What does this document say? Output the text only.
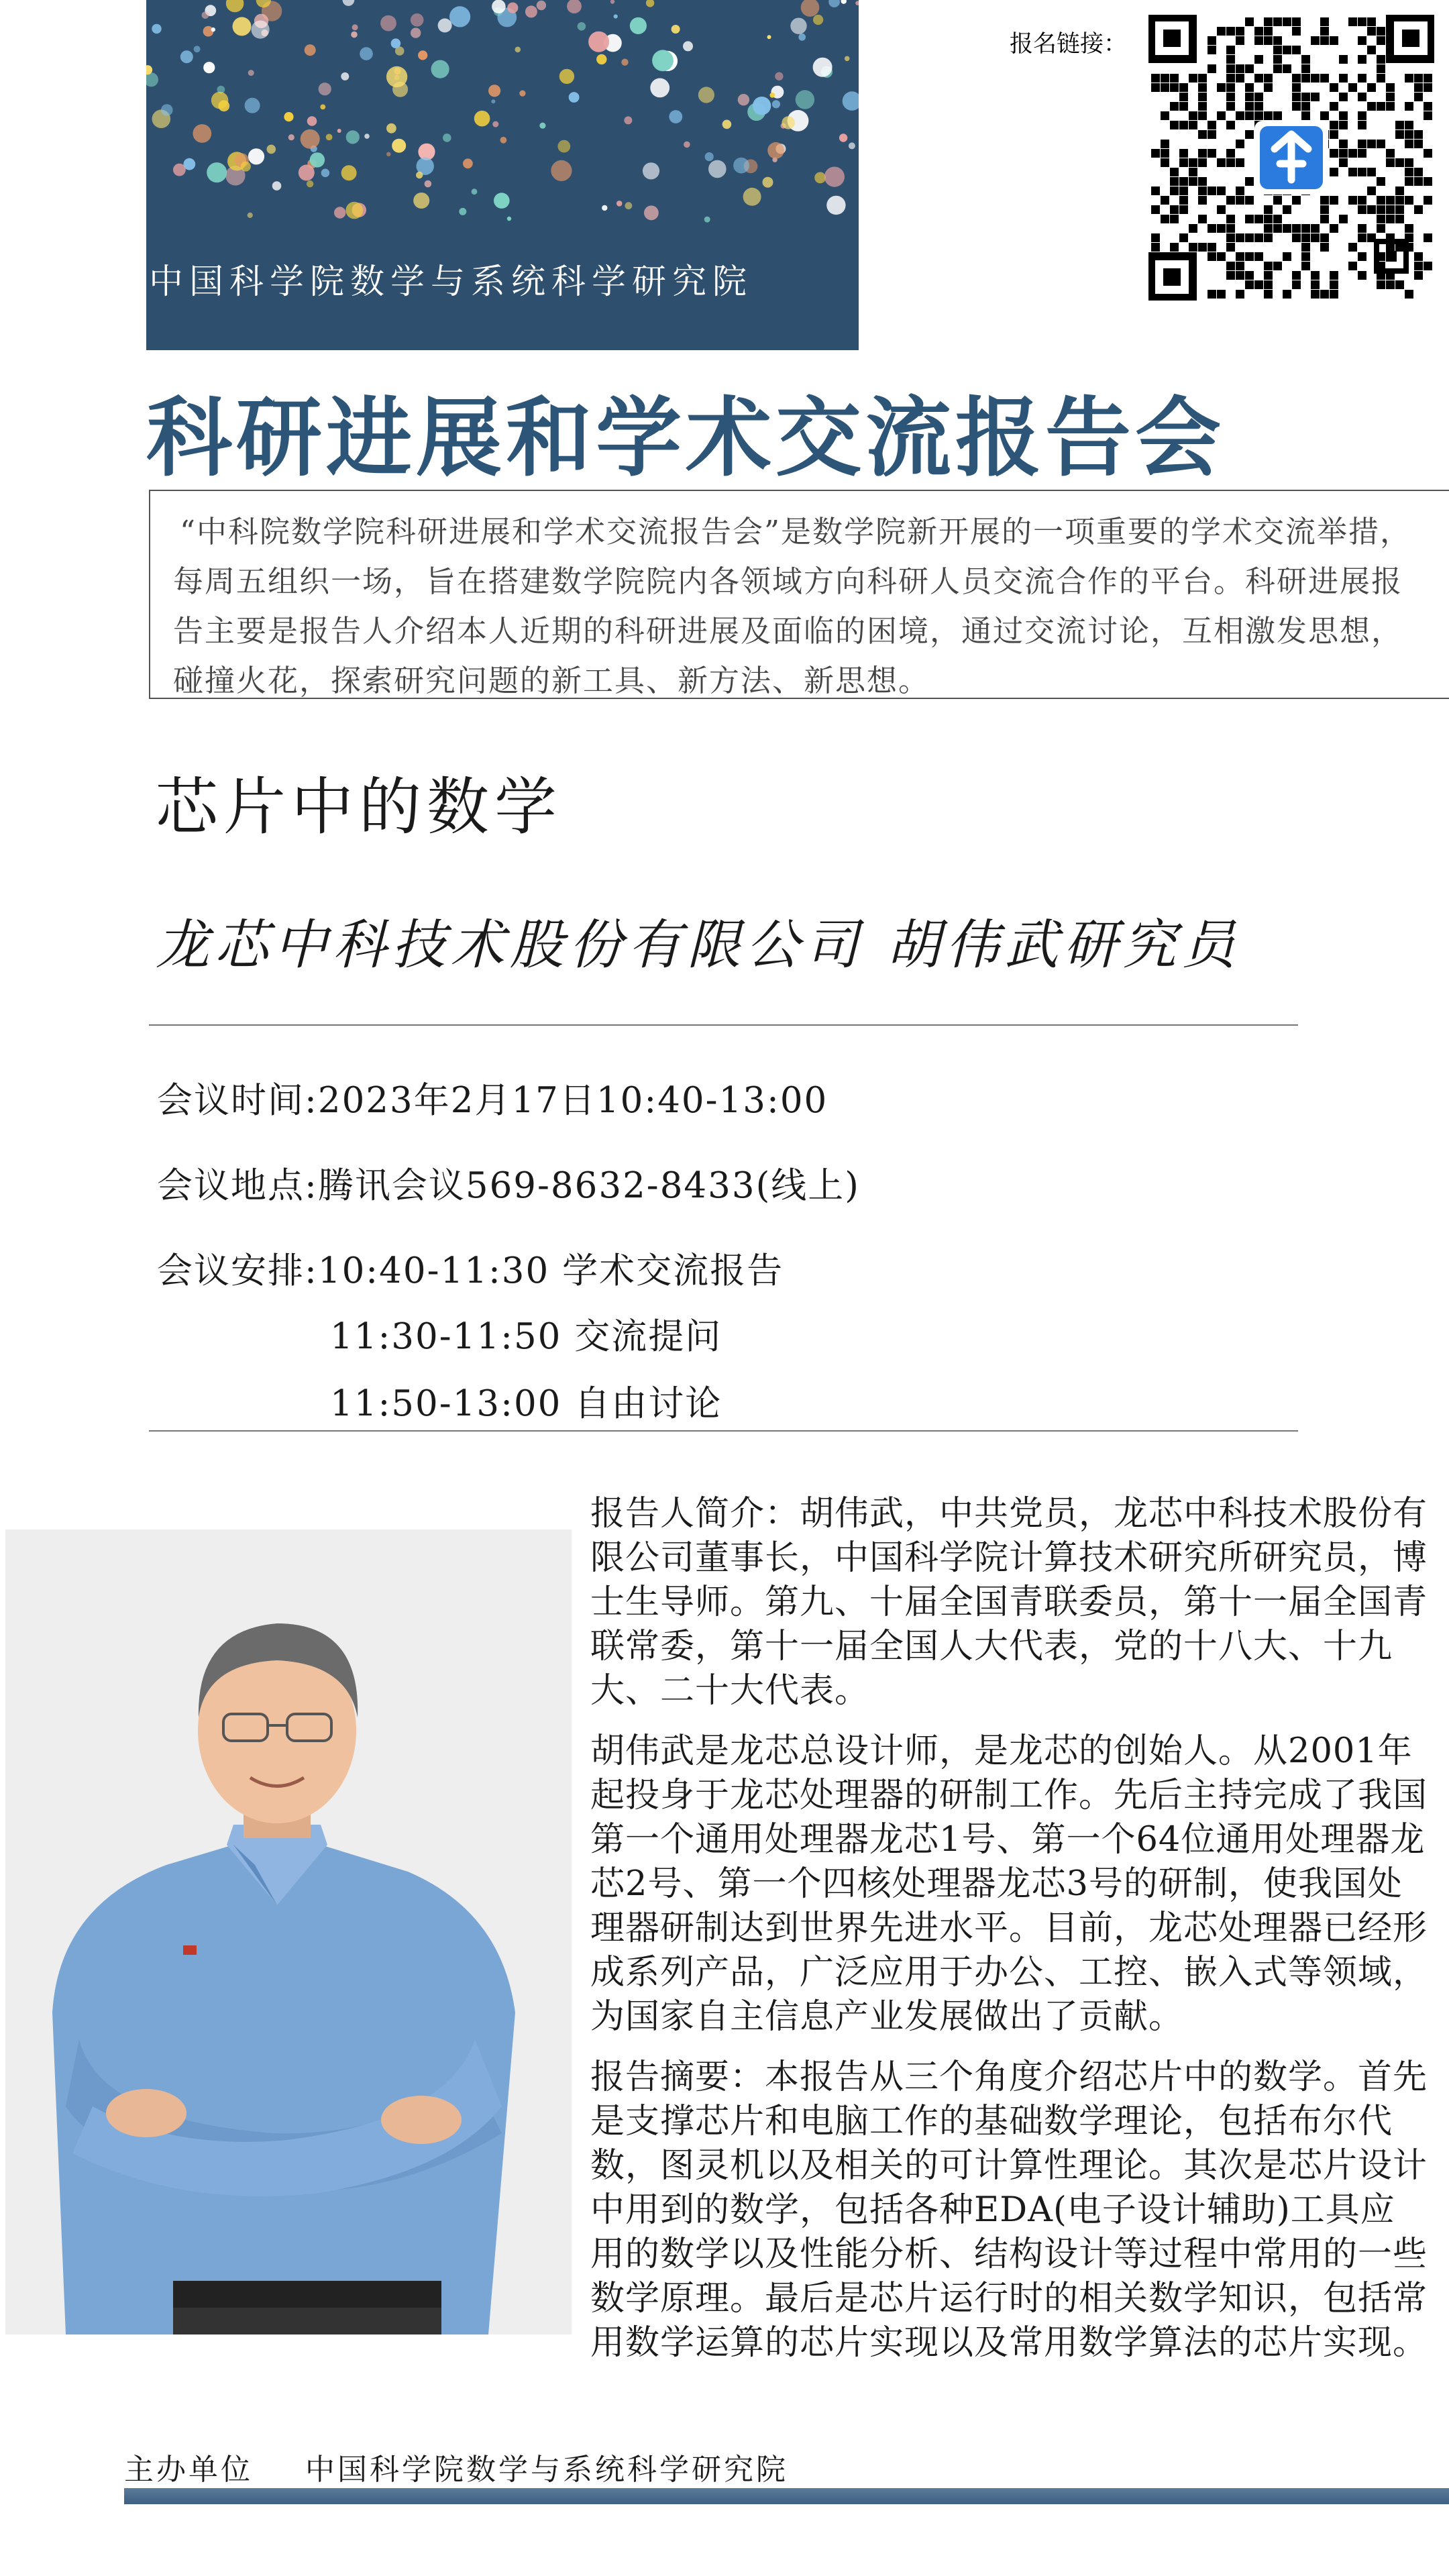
中国科学院数学与系统科学研究院
报名链接：
科研进展和学术交流报告会
“中科院数学院科研进展和学术交流报告会”是数学院新开展的一项重要的学术交流举措，每周五组织一场，旨在搭建数学院院内各领域方向科研人员交流合作的平台。科研进展报告主要是报告人介绍本人近期的科研进展及面临的困境，通过交流讨论，互相激发思想，碰撞火花，探索研究问题的新工具、新方法、新思想。
芯片中的数学
龙芯中科技术股份有限公司 胡伟武研究员
会议时间:2023年2月17日10:40-13:00
会议地点:腾讯会议569-8632-8433(线上)
会议安排:10:40-11:30 学术交流报告
11:30-11:50 交流提问
11:50-13:00 自由讨论
报告人简介：胡伟武，中共党员，龙芯中科技术股份有限公司董事长，中国科学院计算技术研究所研究员，博士生导师。第九、十届全国青联委员，第十一届全国青联常委，第十一届全国人大代表，党的十八大、十九大、二十大代表。
胡伟武是龙芯总设计师，是龙芯的创始人。从2001年起投身于龙芯处理器的研制工作。先后主持完成了我国第一个通用处理器龙芯1号、第一个64位通用处理器龙芯2号、第一个四核处理器龙芯3号的研制，使我国处理器研制达到世界先进水平。目前，龙芯处理器已经形成系列产品，广泛应用于办公、工控、嵌入式等领域，为国家自主信息产业发展做出了贡献。
报告摘要：本报告从三个角度介绍芯片中的数学。首先是支撑芯片和电脑工作的基础数学理论，包括布尔代数，图灵机以及相关的可计算性理论。其次是芯片设计中用到的数学，包括各种EDA(电子设计辅助)工具应用的数学以及性能分析、结构设计等过程中常用的一些数学原理。最后是芯片运行时的相关数学知识，包括常用数学运算的芯片实现以及常用数学算法的芯片实现。
主办单位 中国科学院数学与系统科学研究院
